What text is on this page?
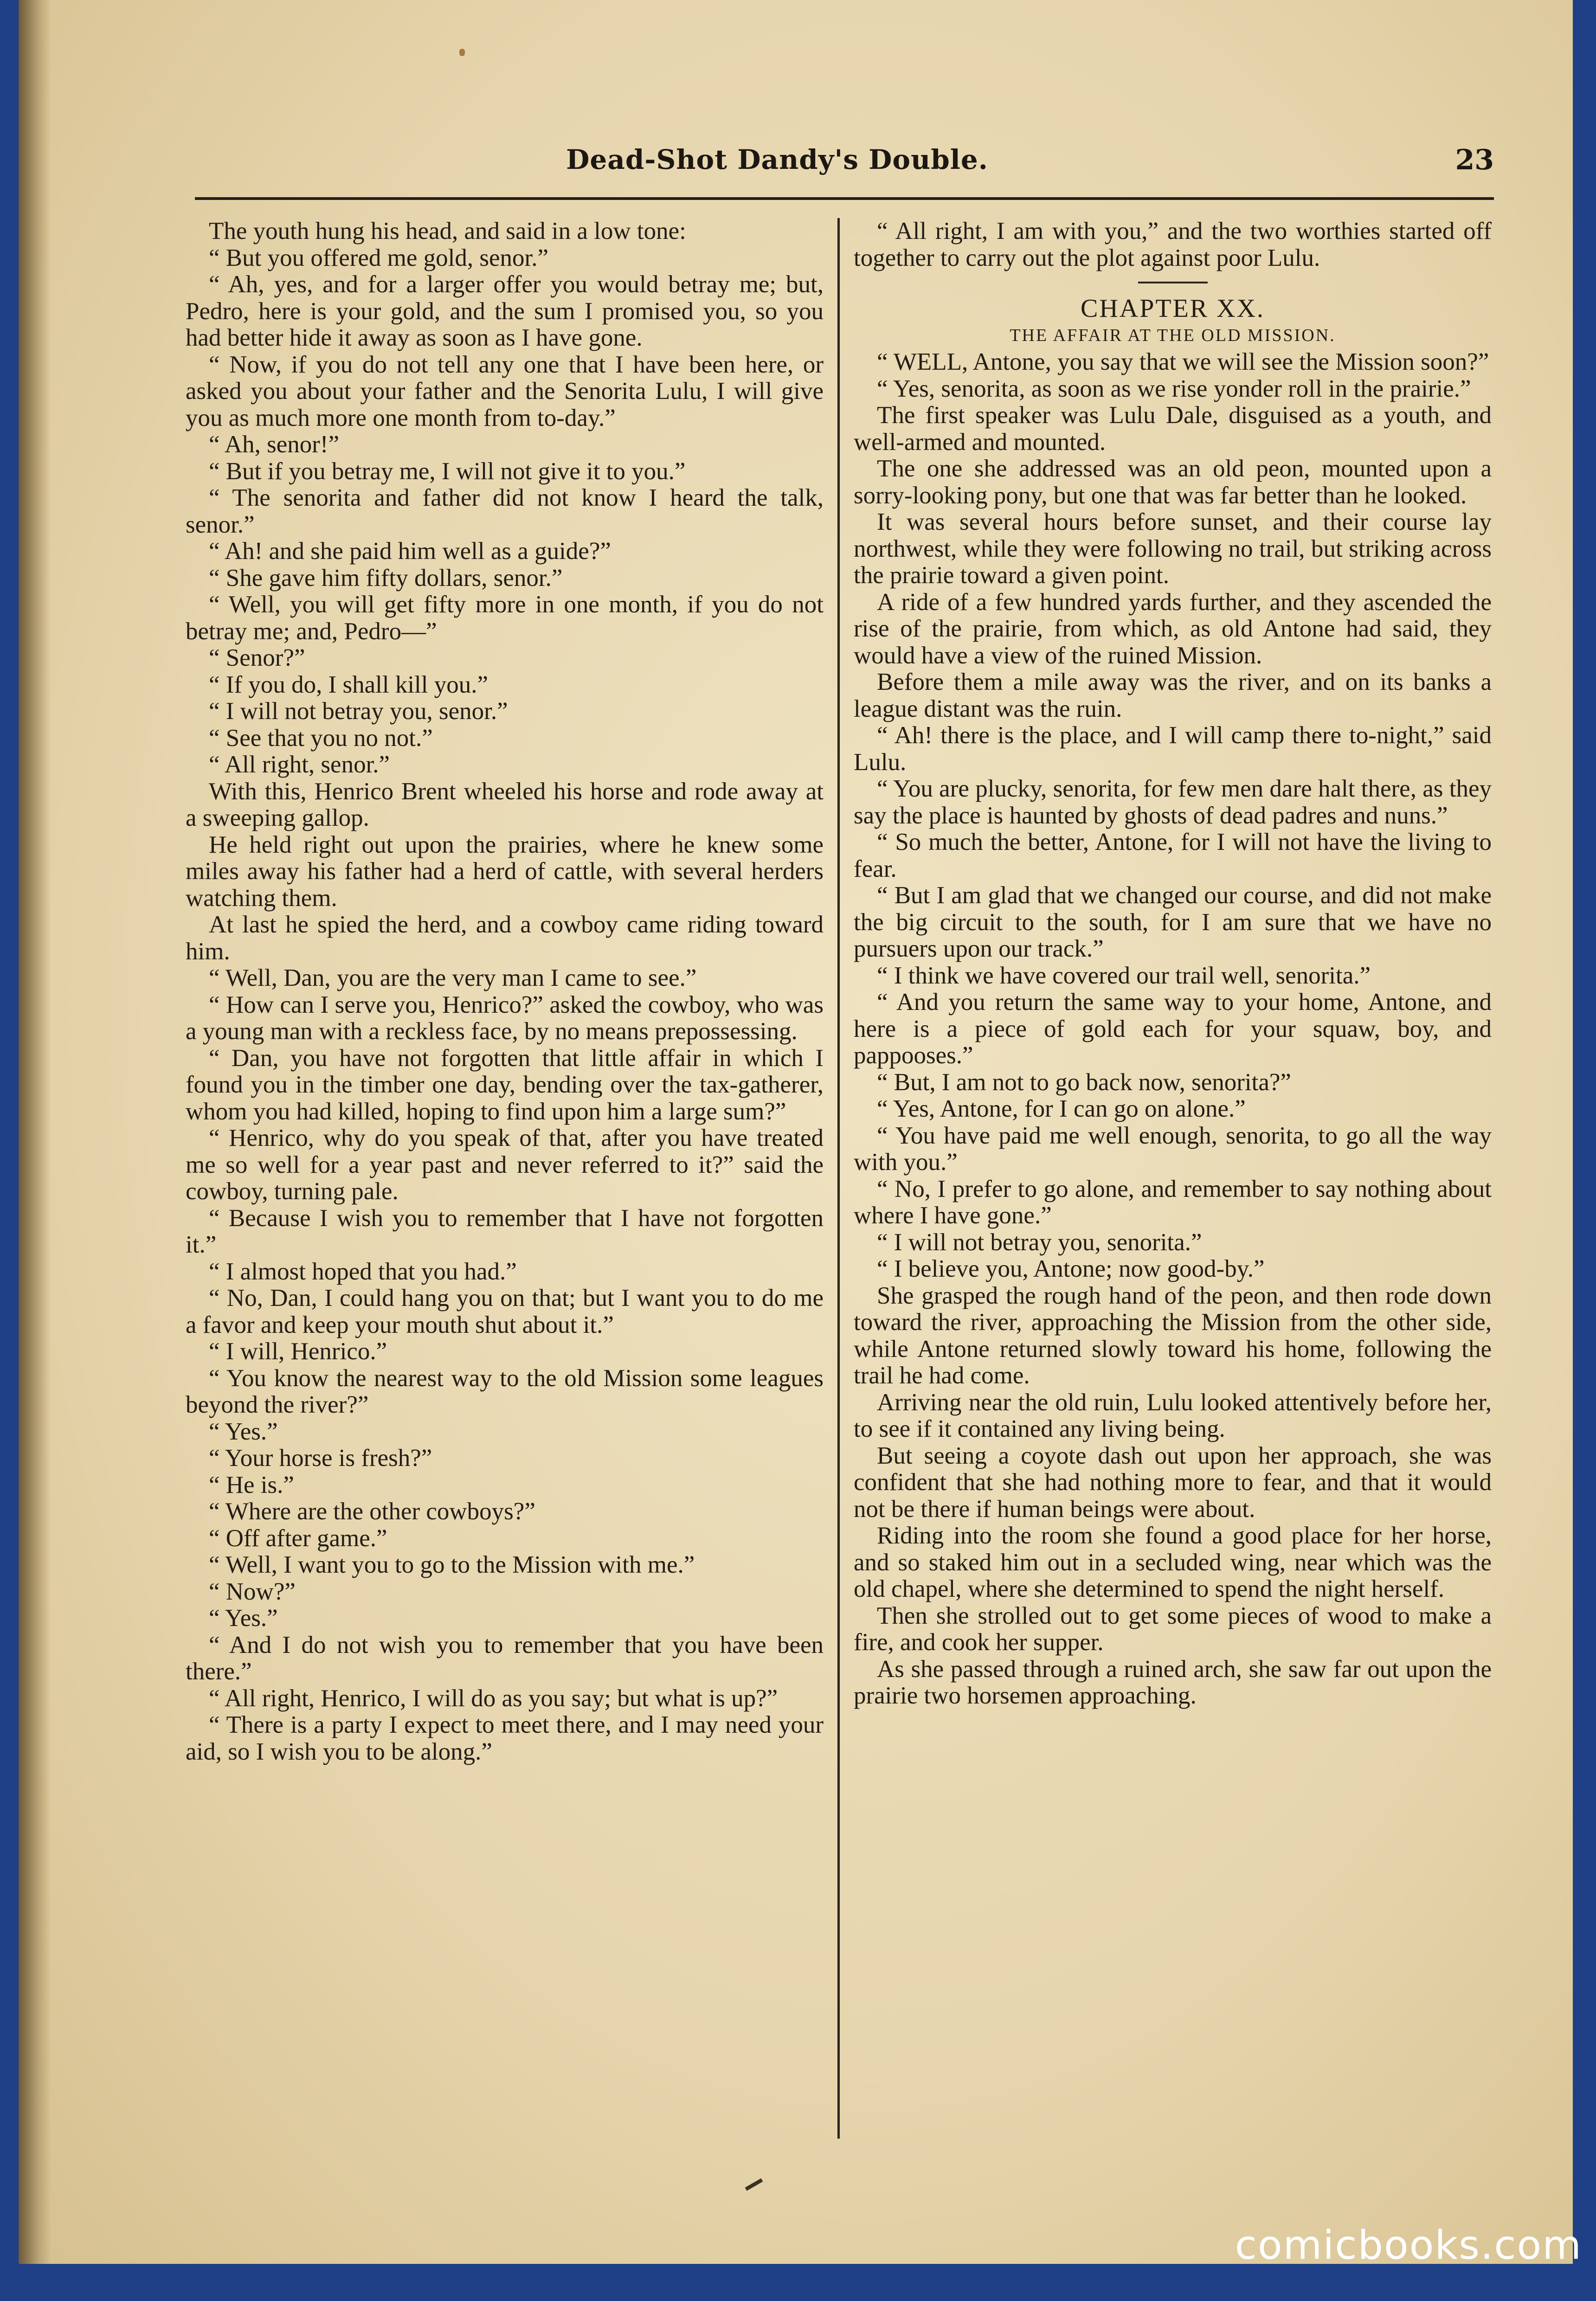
Dead-Shot Dandy's Double.	23

The youth hung his head, and said in a low tone:

“ But you offered me gold, senor.”

“ Ah, yes, and for a larger offer you would betray me; but, Pedro, here is your gold, and the sum I promised you, so you had better hide it away as soon as I have gone.

“ Now, if you do not tell any one that I have been here, or asked you about your father and the Senorita Lulu, I will give you as much more one month from to-day.”

“ Ah, senor!”

“ But if you betray me, I will not give it to you.”

“ The senorita and father did not know I heard the talk, senor.”

“ Ah! and she paid him well as a guide?”

“ She gave him fifty dollars, senor.”

“ Well, you will get fifty more in one month, if you do not betray me; and, Pedro—”

“ Senor?”

“ If you do, I shall kill you.”

“ I will not betray you, senor.”

“ See that you no not.”

“ All right, senor.”

With this, Henrico Brent wheeled his horse and rode away at a sweeping gallop.

He held right out upon the prairies, where he knew some miles away his father had a herd of cattle, with several herders watching them.

At last he spied the herd, and a cowboy came riding toward him.

“ Well, Dan, you are the very man I came to see.”

“ How can I serve you, Henrico?” asked the cowboy, who was a young man with a reckless face, by no means prepossessing.

“ Dan, you have not forgotten that little affair in which I found you in the timber one day, bending over the tax-gatherer, whom you had killed, hoping to find upon him a large sum?”

“ Henrico, why do you speak of that, after you have treated me so well for a year past and never referred to it?” said the cowboy, turning pale.

“ Because I wish you to remember that I have not forgotten it.”

“ I almost hoped that you had.”

“ No, Dan, I could hang you on that; but I want you to do me a favor and keep your mouth shut about it.”

“ I will, Henrico.”

“ You know the nearest way to the old Mission some leagues beyond the river?”

“ Yes.”

“ Your horse is fresh?”

“ He is.”

“ Where are the other cowboys?”

“ Off after game.”

“ Well, I want you to go to the Mission with me.”

“ Now?”

“ Yes.”

“ And I do not wish you to remember that you have been there.”

“ All right, Henrico, I will do as you say; but what is up?”

“ There is a party I expect to meet there, and I may need your aid, so I wish you to be along.”

“ All right, I am with you,” and the two worthies started off together to carry out the plot against poor Lulu.

CHAPTER XX.

THE AFFAIR AT THE OLD MISSION.

“ WELL, Antone, you say that we will see the Mission soon?”

“ Yes, senorita, as soon as we rise yonder roll in the prairie.”

The first speaker was Lulu Dale, disguised as a youth, and well-armed and mounted.

The one she addressed was an old peon, mounted upon a sorry-looking pony, but one that was far better than he looked.

It was several hours before sunset, and their course lay northwest, while they were following no trail, but striking across the prairie toward a given point.

A ride of a few hundred yards further, and they ascended the rise of the prairie, from which, as old Antone had said, they would have a view of the ruined Mission.

Before them a mile away was the river, and on its banks a league distant was the ruin.

“ Ah! there is the place, and I will camp there to-night,” said Lulu.

“ You are plucky, senorita, for few men dare halt there, as they say the place is haunted by ghosts of dead padres and nuns.”

“ So much the better, Antone, for I will not have the living to fear.

“ But I am glad that we changed our course, and did not make the big circuit to the south, for I am sure that we have no pursuers upon our track.”

“ I think we have covered our trail well, senorita.”

“ And you return the same way to your home, Antone, and here is a piece of gold each for your squaw, boy, and pappooses.”

“ But, I am not to go back now, senorita?”

“ Yes, Antone, for I can go on alone.”

“ You have paid me well enough, senorita, to go all the way with you.”

“ No, I prefer to go alone, and remember to say nothing about where I have gone.”

“ I will not betray you, senorita.”

“ I believe you, Antone; now good-by.”

She grasped the rough hand of the peon, and then rode down toward the river, approaching the Mission from the other side, while Antone returned slowly toward his home, following the trail he had come.

Arriving near the old ruin, Lulu looked attentively before her, to see if it contained any living being.

But seeing a coyote dash out upon her approach, she was confident that she had nothing more to fear, and that it would not be there if human beings were about.

Riding into the room she found a good place for her horse, and so staked him out in a secluded wing, near which was the old chapel, where she determined to spend the night herself.

Then she strolled out to get some pieces of wood to make a fire, and cook her supper.

As she passed through a ruined arch, she saw far out upon the prairie two horsemen approaching.

comicbooks.com
